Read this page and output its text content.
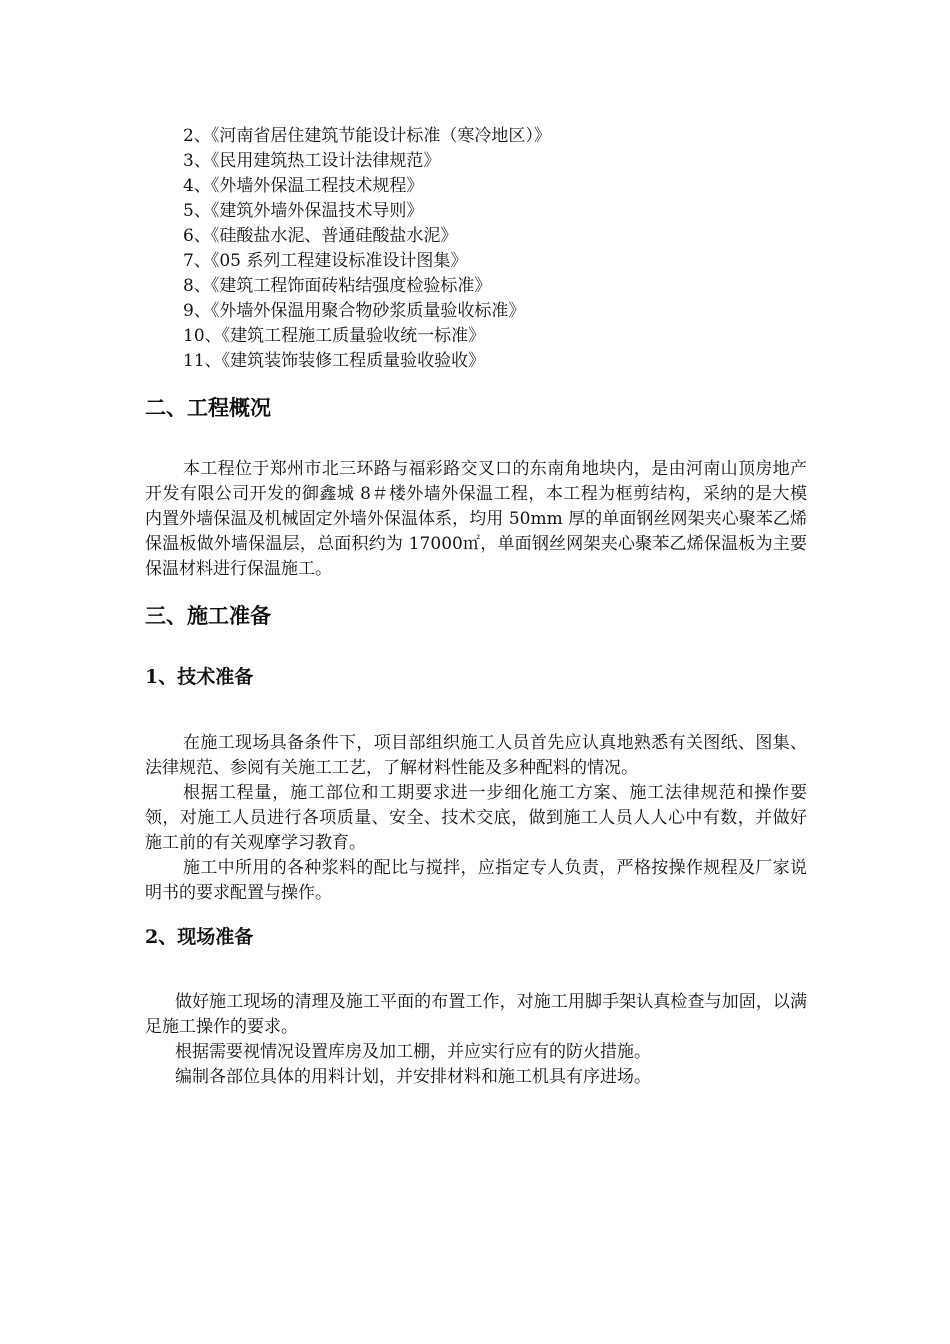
2、《河南省居住建筑节能设计标准（寒冷地区）》
3、《民用建筑热工设计法律规范》
4、《外墙外保温工程技术规程》
5、《建筑外墙外保温技术导则》
6、《硅酸盐水泥、普通硅酸盐水泥》
7、《05 系列工程建设标准设计图集》
8、《建筑工程饰面砖粘结强度检验标准》
9、《外墙外保温用聚合物砂浆质量验收标准》
10、《建筑工程施工质量验收统一标准》
11、《建筑装饰装修工程质量验收验收》
二、工程概况

本工程位于郑州市北三环路与福彩路交叉口的东南角地块内，是由河南山顶房地产开发有限公司开发的御鑫城 8＃楼外墙外保温工程，本工程为框剪结构，采纳的是大模内置外墙保温及机械固定外墙外保温体系，均用 50mm 厚的单面钢丝网架夹心聚苯乙烯保温板做外墙保温层，总面积约为 17000㎡，单面钢丝网架夹心聚苯乙烯保温板为主要保温材料进行保温施工。

三、施工准备
1、技术准备

在施工现场具备条件下，项目部组织施工人员首先应认真地熟悉有关图纸、图集、法律规范、参阅有关施工工艺，了解材料性能及多种配料的情况。

根据工程量，施工部位和工期要求进一步细化施工方案、施工法律规范和操作要领，对施工人员进行各项质量、安全、技术交底，做到施工人员人人心中有数，并做好施工前的有关观摩学习教育。

施工中所用的各种浆料的配比与搅拌，应指定专人负责，严格按操作规程及厂家说明书的要求配置与操作。

2、现场准备

做好施工现场的清理及施工平面的布置工作，对施工用脚手架认真检查与加固，以满足施工操作的要求。

根据需要视情况设置库房及加工棚，并应实行应有的防火措施。

编制各部位具体的用料计划，并安排材料和施工机具有序进场。
